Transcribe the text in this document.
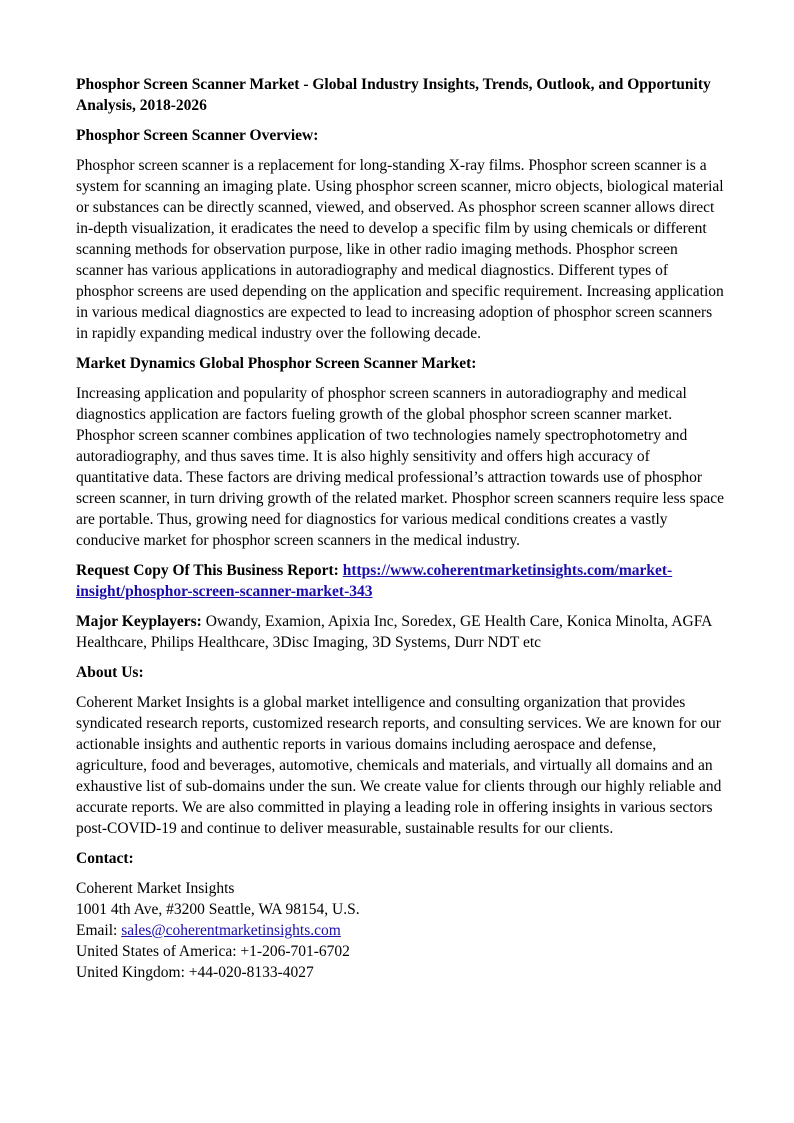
Phosphor Screen Scanner Market - Global Industry Insights, Trends, Outlook, and Opportunity Analysis, 2018-2026

Phosphor Screen Scanner Overview:

Phosphor screen scanner is a replacement for long-standing X-ray films. Phosphor screen scanner is a system for scanning an imaging plate. Using phosphor screen scanner, micro objects, biological material or substances can be directly scanned, viewed, and observed. As phosphor screen scanner allows direct in-depth visualization, it eradicates the need to develop a specific film by using chemicals or different scanning methods for observation purpose, like in other radio imaging methods. Phosphor screen scanner has various applications in autoradiography and medical diagnostics. Different types of phosphor screens are used depending on the application and specific requirement. Increasing application in various medical diagnostics are expected to lead to increasing adoption of phosphor screen scanners in rapidly expanding medical industry over the following decade.

Market Dynamics Global Phosphor Screen Scanner Market:

Increasing application and popularity of phosphor screen scanners in autoradiography and medical diagnostics application are factors fueling growth of the global phosphor screen scanner market. Phosphor screen scanner combines application of two technologies namely spectrophotometry and autoradiography, and thus saves time. It is also highly sensitivity and offers high accuracy of quantitative data. These factors are driving medical professional’s attraction towards use of phosphor screen scanner, in turn driving growth of the related market. Phosphor screen scanners require less space are portable. Thus, growing need for diagnostics for various medical conditions creates a vastly conducive market for phosphor screen scanners in the medical industry.

Request Copy Of This Business Report: https://www.coherentmarketinsights.com/market-insight/phosphor-screen-scanner-market-343

Major Keyplayers: Owandy, Examion, Apixia Inc, Soredex, GE Health Care, Konica Minolta, AGFA Healthcare, Philips Healthcare, 3Disc Imaging, 3D Systems, Durr NDT etc

About Us:

Coherent Market Insights is a global market intelligence and consulting organization that provides syndicated research reports, customized research reports, and consulting services. We are known for our actionable insights and authentic reports in various domains including aerospace and defense, agriculture, food and beverages, automotive, chemicals and materials, and virtually all domains and an exhaustive list of sub-domains under the sun. We create value for clients through our highly reliable and accurate reports. We are also committed in playing a leading role in offering insights in various sectors post-COVID-19 and continue to deliver measurable, sustainable results for our clients.

Contact:

Coherent Market Insights
1001 4th Ave, #3200 Seattle, WA 98154, U.S.
Email: sales@coherentmarketinsights.com
United States of America: +1-206-701-6702
United Kingdom: +44-020-8133-4027
